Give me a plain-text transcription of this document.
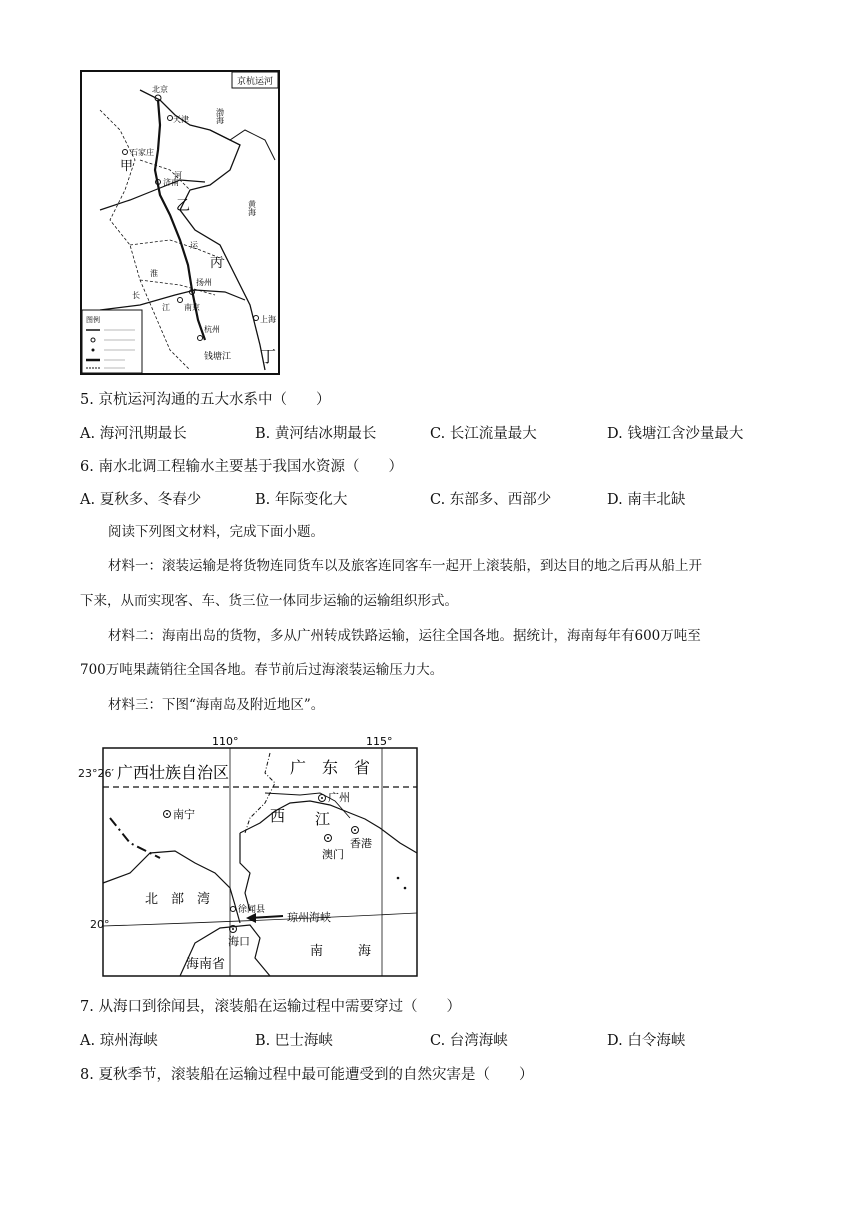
京杭运河
北京
天津
石家庄
济南
扬州
南京
杭州
上海
甲
乙
丙
丁
钱塘江
渤海
黄海
运
河
长
江
淮
图例
5. 京杭运河沟通的五大水系中（　　）
A. 海河汛期最长	B. 黄河结冰期最长	C. 长江流量最大	D. 钱塘江含沙量最大
6. 南水北调工程输水主要基于我国水资源（　　）
A. 夏秋多、冬春少	B. 年际变化大	C. 东部多、西部少	D. 南丰北缺
阅读下列图文材料，完成下面小题。
材料一：滚装运输是将货物连同货车以及旅客连同客车一起开上滚装船，到达目的地之后再从船上开
下来，从而实现客、车、货三位一体同步运输的运输组织形式。
材料二：海南出岛的货物，多从广州转成铁路运输，运往全国各地。据统计，海南每年有600万吨至
700万吨果蔬销往全国各地。春节前后过海滚装运输压力大。
材料三：下图“海南岛及附近地区”。
110°	115°
南宁
广州
香港
澳门
徐闻县
海口
琼州海峡
广西壮族自治区	广　东　省
西 江
北　部　湾
海南省
南	海
23°26′
20°
7. 从海口到徐闻县，滚装船在运输过程中需要穿过（　　）
A. 琼州海峡	B. 巴士海峡	C. 台湾海峡	D. 白令海峡
8. 夏秋季节，滚装船在运输过程中最可能遭受到的自然灾害是（　　）
